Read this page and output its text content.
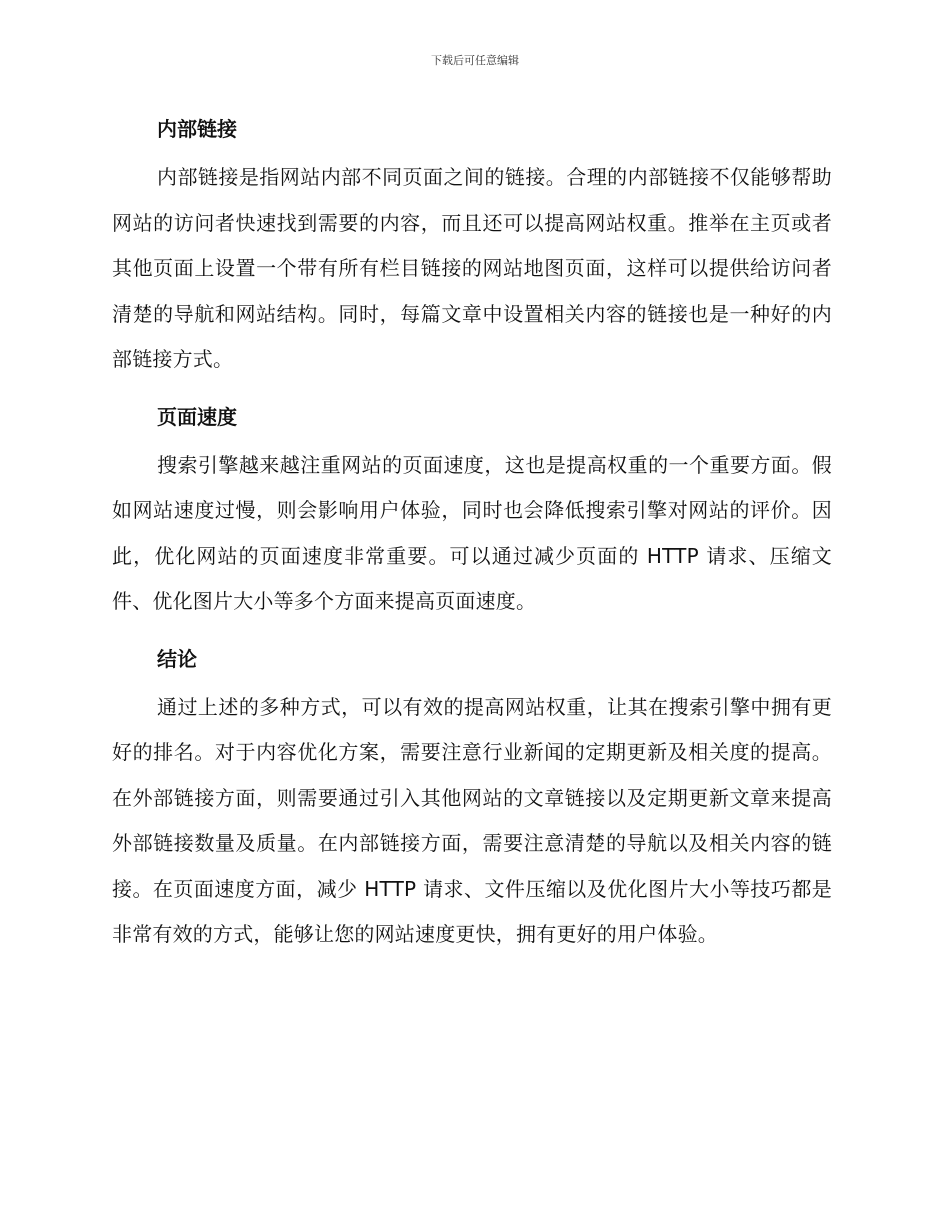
下载后可任意编辑
内部链接

内部链接是指网站内部不同页面之间的链接。合理的内部链接不仅能够帮助网站的访问者快速找到需要的内容，而且还可以提高网站权重。推举在主页或者其他页面上设置一个带有所有栏目链接的网站地图页面，这样可以提供给访问者清楚的导航和网站结构。同时，每篇文章中设置相关内容的链接也是一种好的内部链接方式。

页面速度

搜索引擎越来越注重网站的页面速度，这也是提高权重的一个重要方面。假如网站速度过慢，则会影响用户体验，同时也会降低搜索引擎对网站的评价。因此，优化网站的页面速度非常重要。可以通过减少页面的 HTTP 请求、压缩文件、优化图片大小等多个方面来提高页面速度。

结论

通过上述的多种方式，可以有效的提高网站权重，让其在搜索引擎中拥有更好的排名。对于内容优化方案，需要注意行业新闻的定期更新及相关度的提高。在外部链接方面，则需要通过引入其他网站的文章链接以及定期更新文章来提高外部链接数量及质量。在内部链接方面，需要注意清楚的导航以及相关内容的链接。在页面速度方面，减少 HTTP 请求、文件压缩以及优化图片大小等技巧都是非常有效的方式，能够让您的网站速度更快，拥有更好的用户体验。
